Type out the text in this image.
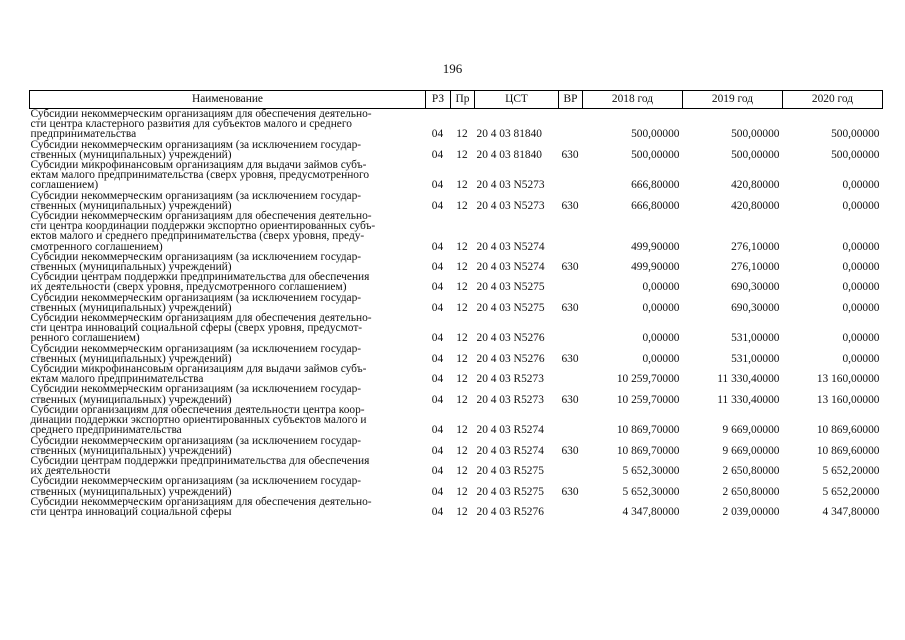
196
Наименование	РЗ	Пр	ЦСТ	ВР	2018 год	2019 год	2020 год

Субсидии некоммерческим организациям для обеспечения деятельно-
сти центра кластерного развития для субъектов малого и среднего
предпринимательства	04	12	20 4 03 81840		500,00000	500,00000	500,00000

Субсидии некоммерческим организациям (за исключением государ-
ственных (муниципальных) учреждений)	04	12	20 4 03 81840	630	500,00000	500,00000	500,00000

Субсидии микрофинансовым организациям для выдачи займов субъ-
ектам малого предпринимательства (сверх уровня, предусмотренного
соглашением)	04	12	20 4 03 N5273		666,80000	420,80000	0,00000

Субсидии некоммерческим организациям (за исключением государ-
ственных (муниципальных) учреждений)	04	12	20 4 03 N5273	630	666,80000	420,80000	0,00000

Субсидии некоммерческим организациям для обеспечения деятельно-
сти центра координации поддержки экспортно ориентированных субъ-
ектов малого и среднего предпринимательства (сверх уровня, преду-
смотренного соглашением)	04	12	20 4 03 N5274		499,90000	276,10000	0,00000

Субсидии некоммерческим организациям (за исключением государ-
ственных (муниципальных) учреждений)	04	12	20 4 03 N5274	630	499,90000	276,10000	0,00000

Субсидии центрам поддержки предпринимательства для обеспечения
их деятельности (сверх уровня, предусмотренного соглашением)	04	12	20 4 03 N5275		0,00000	690,30000	0,00000

Субсидии некоммерческим организациям (за исключением государ-
ственных (муниципальных) учреждений)	04	12	20 4 03 N5275	630	0,00000	690,30000	0,00000

Субсидии некоммерческим организациям для обеспечения деятельно-
сти центра инноваций социальной сферы (сверх уровня, предусмот-
ренного соглашением)	04	12	20 4 03 N5276		0,00000	531,00000	0,00000

Субсидии некоммерческим организациям (за исключением государ-
ственных (муниципальных) учреждений)	04	12	20 4 03 N5276	630	0,00000	531,00000	0,00000

Субсидии микрофинансовым организациям для выдачи займов субъ-
ектам малого предпринимательства	04	12	20 4 03 R5273		10 259,70000	11 330,40000	13 160,00000

Субсидии некоммерческим организациям (за исключением государ-
ственных (муниципальных) учреждений)	04	12	20 4 03 R5273	630	10 259,70000	11 330,40000	13 160,00000

Субсидии организациям для обеспечения деятельности центра коор-
динации поддержки экспортно ориентированных субъектов малого и
среднего предпринимательства	04	12	20 4 03 R5274		10 869,70000	9 669,00000	10 869,60000

Субсидии некоммерческим организациям (за исключением государ-
ственных (муниципальных) учреждений)	04	12	20 4 03 R5274	630	10 869,70000	9 669,00000	10 869,60000

Субсидии центрам поддержки предпринимательства для обеспечения
их деятельности	04	12	20 4 03 R5275		5 652,30000	2 650,80000	5 652,20000

Субсидии некоммерческим организациям (за исключением государ-
ственных (муниципальных) учреждений)	04	12	20 4 03 R5275	630	5 652,30000	2 650,80000	5 652,20000

Субсидии некоммерческим организациям для обеспечения деятельно-
сти центра инноваций социальной сферы	04	12	20 4 03 R5276		4 347,80000	2 039,00000	4 347,80000
